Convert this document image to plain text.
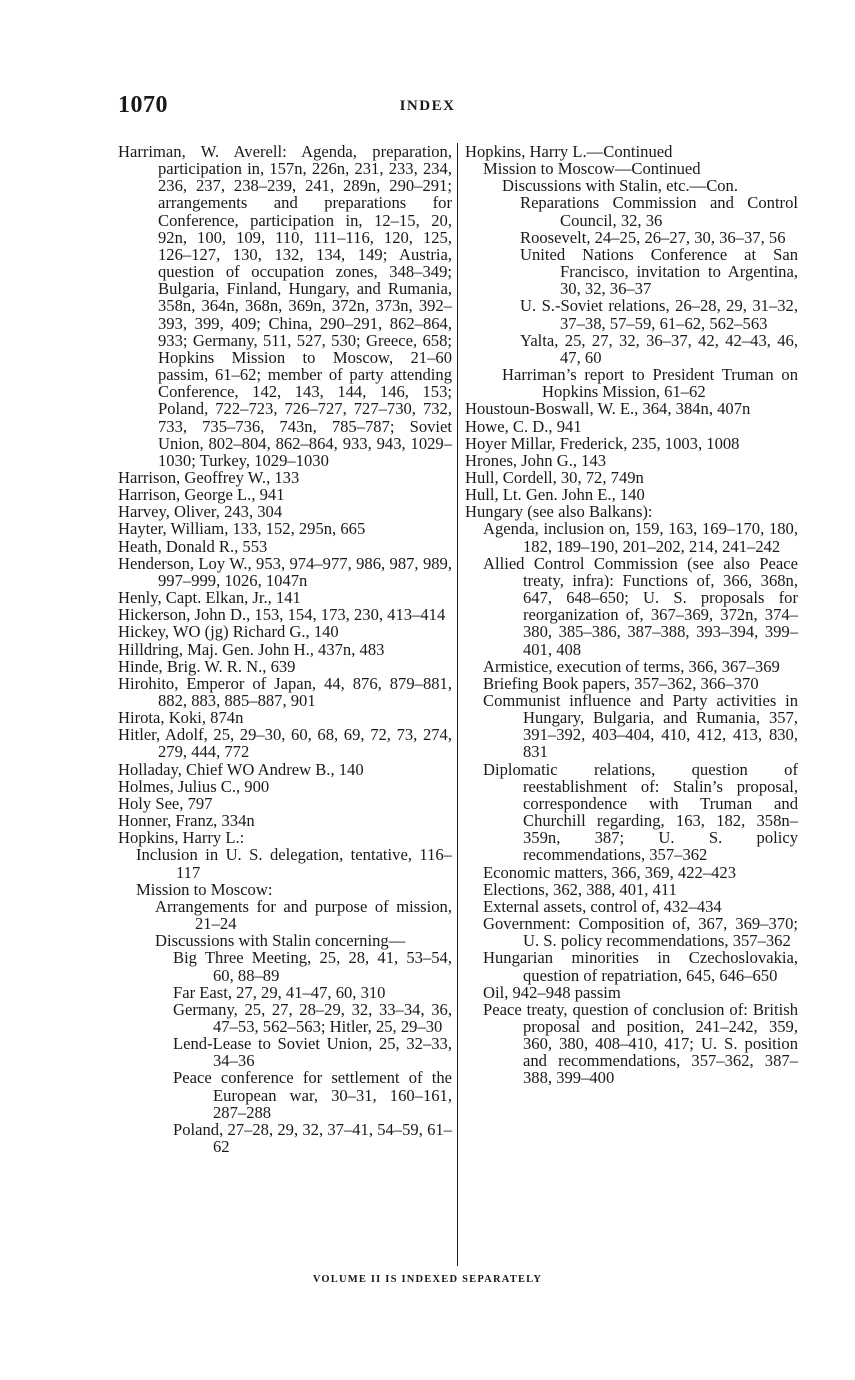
1070	INDEX

Harriman, W. Averell: Agenda, preparation, participation in, 157n, 226n, 231, 233, 234, 236, 237, 238–239, 241, 289n, 290–291; arrangements and preparations for Conference, participation in, 12–15, 20, 92n, 100, 109, 110, 111–116, 120, 125, 126–127, 130, 132, 134, 149; Austria, question of occupation zones, 348–349; Bulgaria, Finland, Hungary, and Rumania, 358n, 364n, 368n, 369n, 372n, 373n, 392–393, 399, 409; China, 290–291, 862–864, 933; Germany, 511, 527, 530; Greece, 658; Hopkins Mission to Moscow, 21–60 passim, 61–62; member of party attending Conference, 142, 143, 144, 146, 153; Poland, 722–723, 726–727, 727–730, 732, 733, 735–736, 743n, 785–787; Soviet Union, 802–804, 862–864, 933, 943, 1029–1030; Turkey, 1029–1030

Harrison, Geoffrey W., 133

Harrison, George L., 941

Harvey, Oliver, 243, 304

Hayter, William, 133, 152, 295n, 665

Heath, Donald R., 553

Henderson, Loy W., 953, 974–977, 986, 987, 989, 997–999, 1026, 1047n

Henly, Capt. Elkan, Jr., 141

Hickerson, John D., 153, 154, 173, 230, 413–414

Hickey, WO (jg) Richard G., 140

Hilldring, Maj. Gen. John H., 437n, 483

Hinde, Brig. W. R. N., 639

Hirohito, Emperor of Japan, 44, 876, 879–881, 882, 883, 885–887, 901

Hirota, Koki, 874n

Hitler, Adolf, 25, 29–30, 60, 68, 69, 72, 73, 274, 279, 444, 772

Holladay, Chief WO Andrew B., 140

Holmes, Julius C., 900

Holy See, 797

Honner, Franz, 334n

Hopkins, Harry L.:

Inclusion in U. S. delegation, tentative, 116–117

Mission to Moscow:

Arrangements for and purpose of mission, 21–24

Discussions with Stalin concerning—

Big Three Meeting, 25, 28, 41, 53–54, 60, 88–89

Far East, 27, 29, 41–47, 60, 310

Germany, 25, 27, 28–29, 32, 33–34, 36, 47–53, 562–563; Hitler, 25, 29–30

Lend-Lease to Soviet Union, 25, 32–33, 34–36

Peace conference for settlement of the European war, 30–31, 160–161, 287–288

Poland, 27–28, 29, 32, 37–41, 54–59, 61–62

Hopkins, Harry L.—Continued

Mission to Moscow—Continued

Discussions with Stalin, etc.—Con.

Reparations Commission and Control Council, 32, 36

Roosevelt, 24–25, 26–27, 30, 36–37, 56

United Nations Conference at San Francisco, invitation to Argentina, 30, 32, 36–37

U. S.-Soviet relations, 26–28, 29, 31–32, 37–38, 57–59, 61–62, 562–563

Yalta, 25, 27, 32, 36–37, 42, 42–43, 46, 47, 60

Harriman’s report to President Truman on Hopkins Mission, 61–62

Houstoun-Boswall, W. E., 364, 384n, 407n

Howe, C. D., 941

Hoyer Millar, Frederick, 235, 1003, 1008

Hrones, John G., 143

Hull, Cordell, 30, 72, 749n

Hull, Lt. Gen. John E., 140

Hungary (see also Balkans):

Agenda, inclusion on, 159, 163, 169–170, 180, 182, 189–190, 201–202, 214, 241–242

Allied Control Commission (see also Peace treaty, infra): Functions of, 366, 368n, 647, 648–650; U. S. proposals for reorganization of, 367–369, 372n, 374–380, 385–386, 387–388, 393–394, 399–401, 408

Armistice, execution of terms, 366, 367–369

Briefing Book papers, 357–362, 366–370

Communist influence and Party activities in Hungary, Bulgaria, and Rumania, 357, 391–392, 403–404, 410, 412, 413, 830, 831

Diplomatic relations, question of reestablishment of: Stalin’s proposal, correspondence with Truman and Churchill regarding, 163, 182, 358n–359n, 387; U. S. policy recommendations, 357–362

Economic matters, 366, 369, 422–423

Elections, 362, 388, 401, 411

External assets, control of, 432–434

Government: Composition of, 367, 369–370; U. S. policy recommendations, 357–362

Hungarian minorities in Czechoslovakia, question of repatriation, 645, 646–650

Oil, 942–948 passim

Peace treaty, question of conclusion of: British proposal and position, 241–242, 359, 360, 380, 408–410, 417; U. S. position and recommendations, 357–362, 387–388, 399–400

VOLUME II IS INDEXED SEPARATELY
